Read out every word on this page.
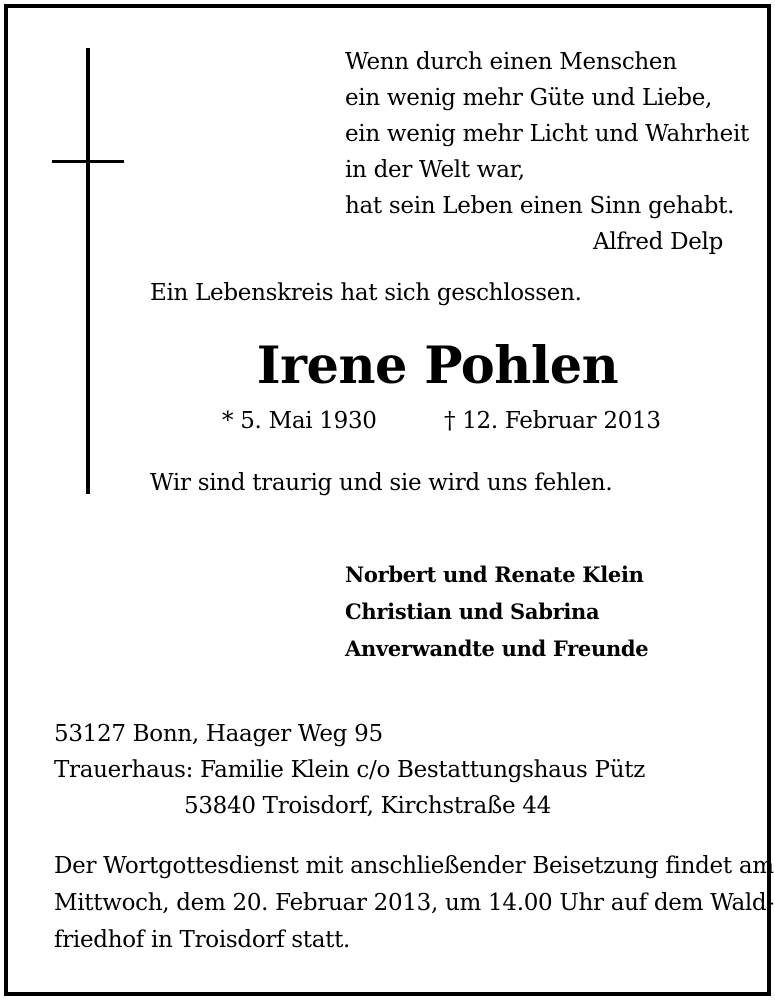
Wenn durch einen Menschen
ein wenig mehr Güte und Liebe,
ein wenig mehr Licht und Wahrheit
in der Welt war,
hat sein Leben einen Sinn gehabt.
Alfred Delp
Ein Lebenskreis hat sich geschlossen.
Irene Pohlen
* 5. Mai 1930	† 12. Februar 2013
Wir sind traurig und sie wird uns fehlen.
Norbert und Renate Klein
Christian und Sabrina
Anverwandte und Freunde
53127 Bonn, Haager Weg 95
Trauerhaus: Familie Klein c/o Bestattungshaus Pütz
53840 Troisdorf, Kirchstraße 44
Der Wortgottesdienst mit anschließender Beisetzung findet am
Mittwoch, dem 20. Februar 2013, um 14.00 Uhr auf dem Wald-
friedhof in Troisdorf statt.
